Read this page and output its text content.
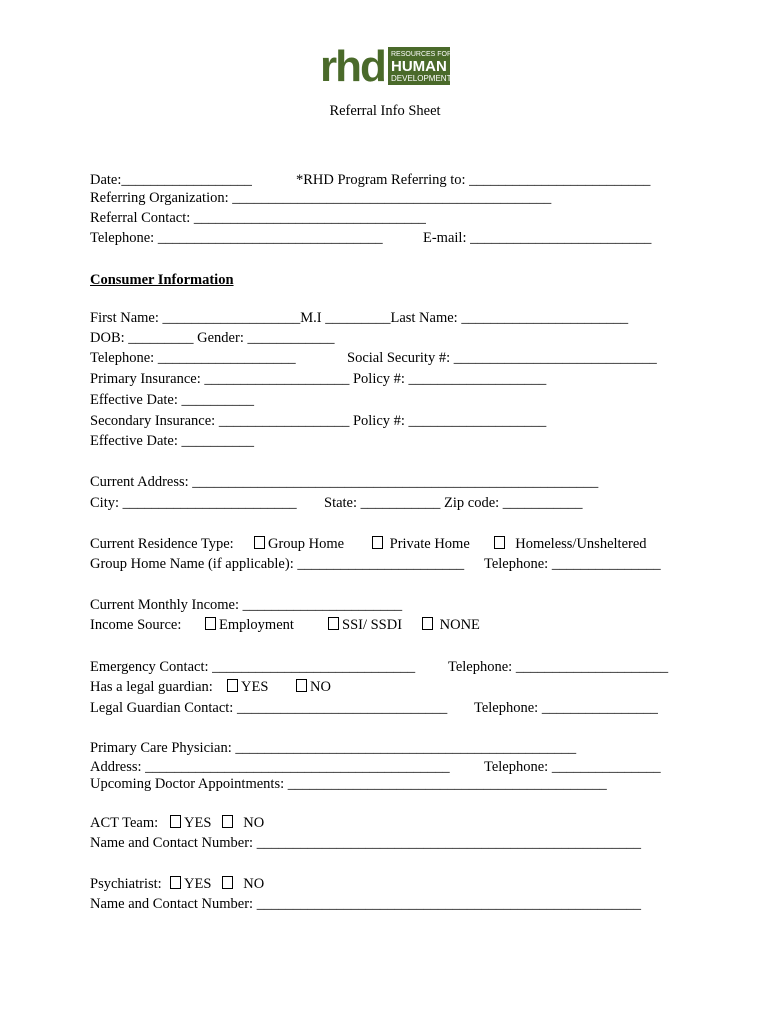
rhd RESOURCES FOR
HUMAN
DEVELOPMENT
Referral Info Sheet
Date:__________________	*RHD Program Referring to: _________________________
Referring Organization: ____________________________________________
Referral Contact: ________________________________
Telephone: _______________________________	E-mail: _________________________
Consumer Information
First Name: ___________________M.I _________Last Name: _______________________
DOB: _________ Gender: ____________
Telephone: ___________________	Social Security #: ____________________________
Primary Insurance: ____________________ Policy #: ___________________
Effective Date: __________
Secondary Insurance: __________________ Policy #: ___________________
Effective Date: __________
Current Address: ________________________________________________________
City: ________________________ State: ___________ Zip code: ___________
Current Residence Type:	Group Home	Private Home	Homeless/Unsheltered
Group Home Name (if applicable): _______________________ Telephone: _______________
Current Monthly Income: ______________________
Income Source:	Employment	SSI/ SSDI	NONE
Emergency Contact: ____________________________ Telephone: _____________________
Has a legal guardian:	YES	NO
Legal Guardian Contact: _____________________________ Telephone: ________________
Primary Care Physician: _______________________________________________
Address: __________________________________________ Telephone: _______________
Upcoming Doctor Appointments: ____________________________________________
ACT Team:	YES	NO
Name and Contact Number: _____________________________________________________
Psychiatrist:	YES	NO
Name and Contact Number: _____________________________________________________
